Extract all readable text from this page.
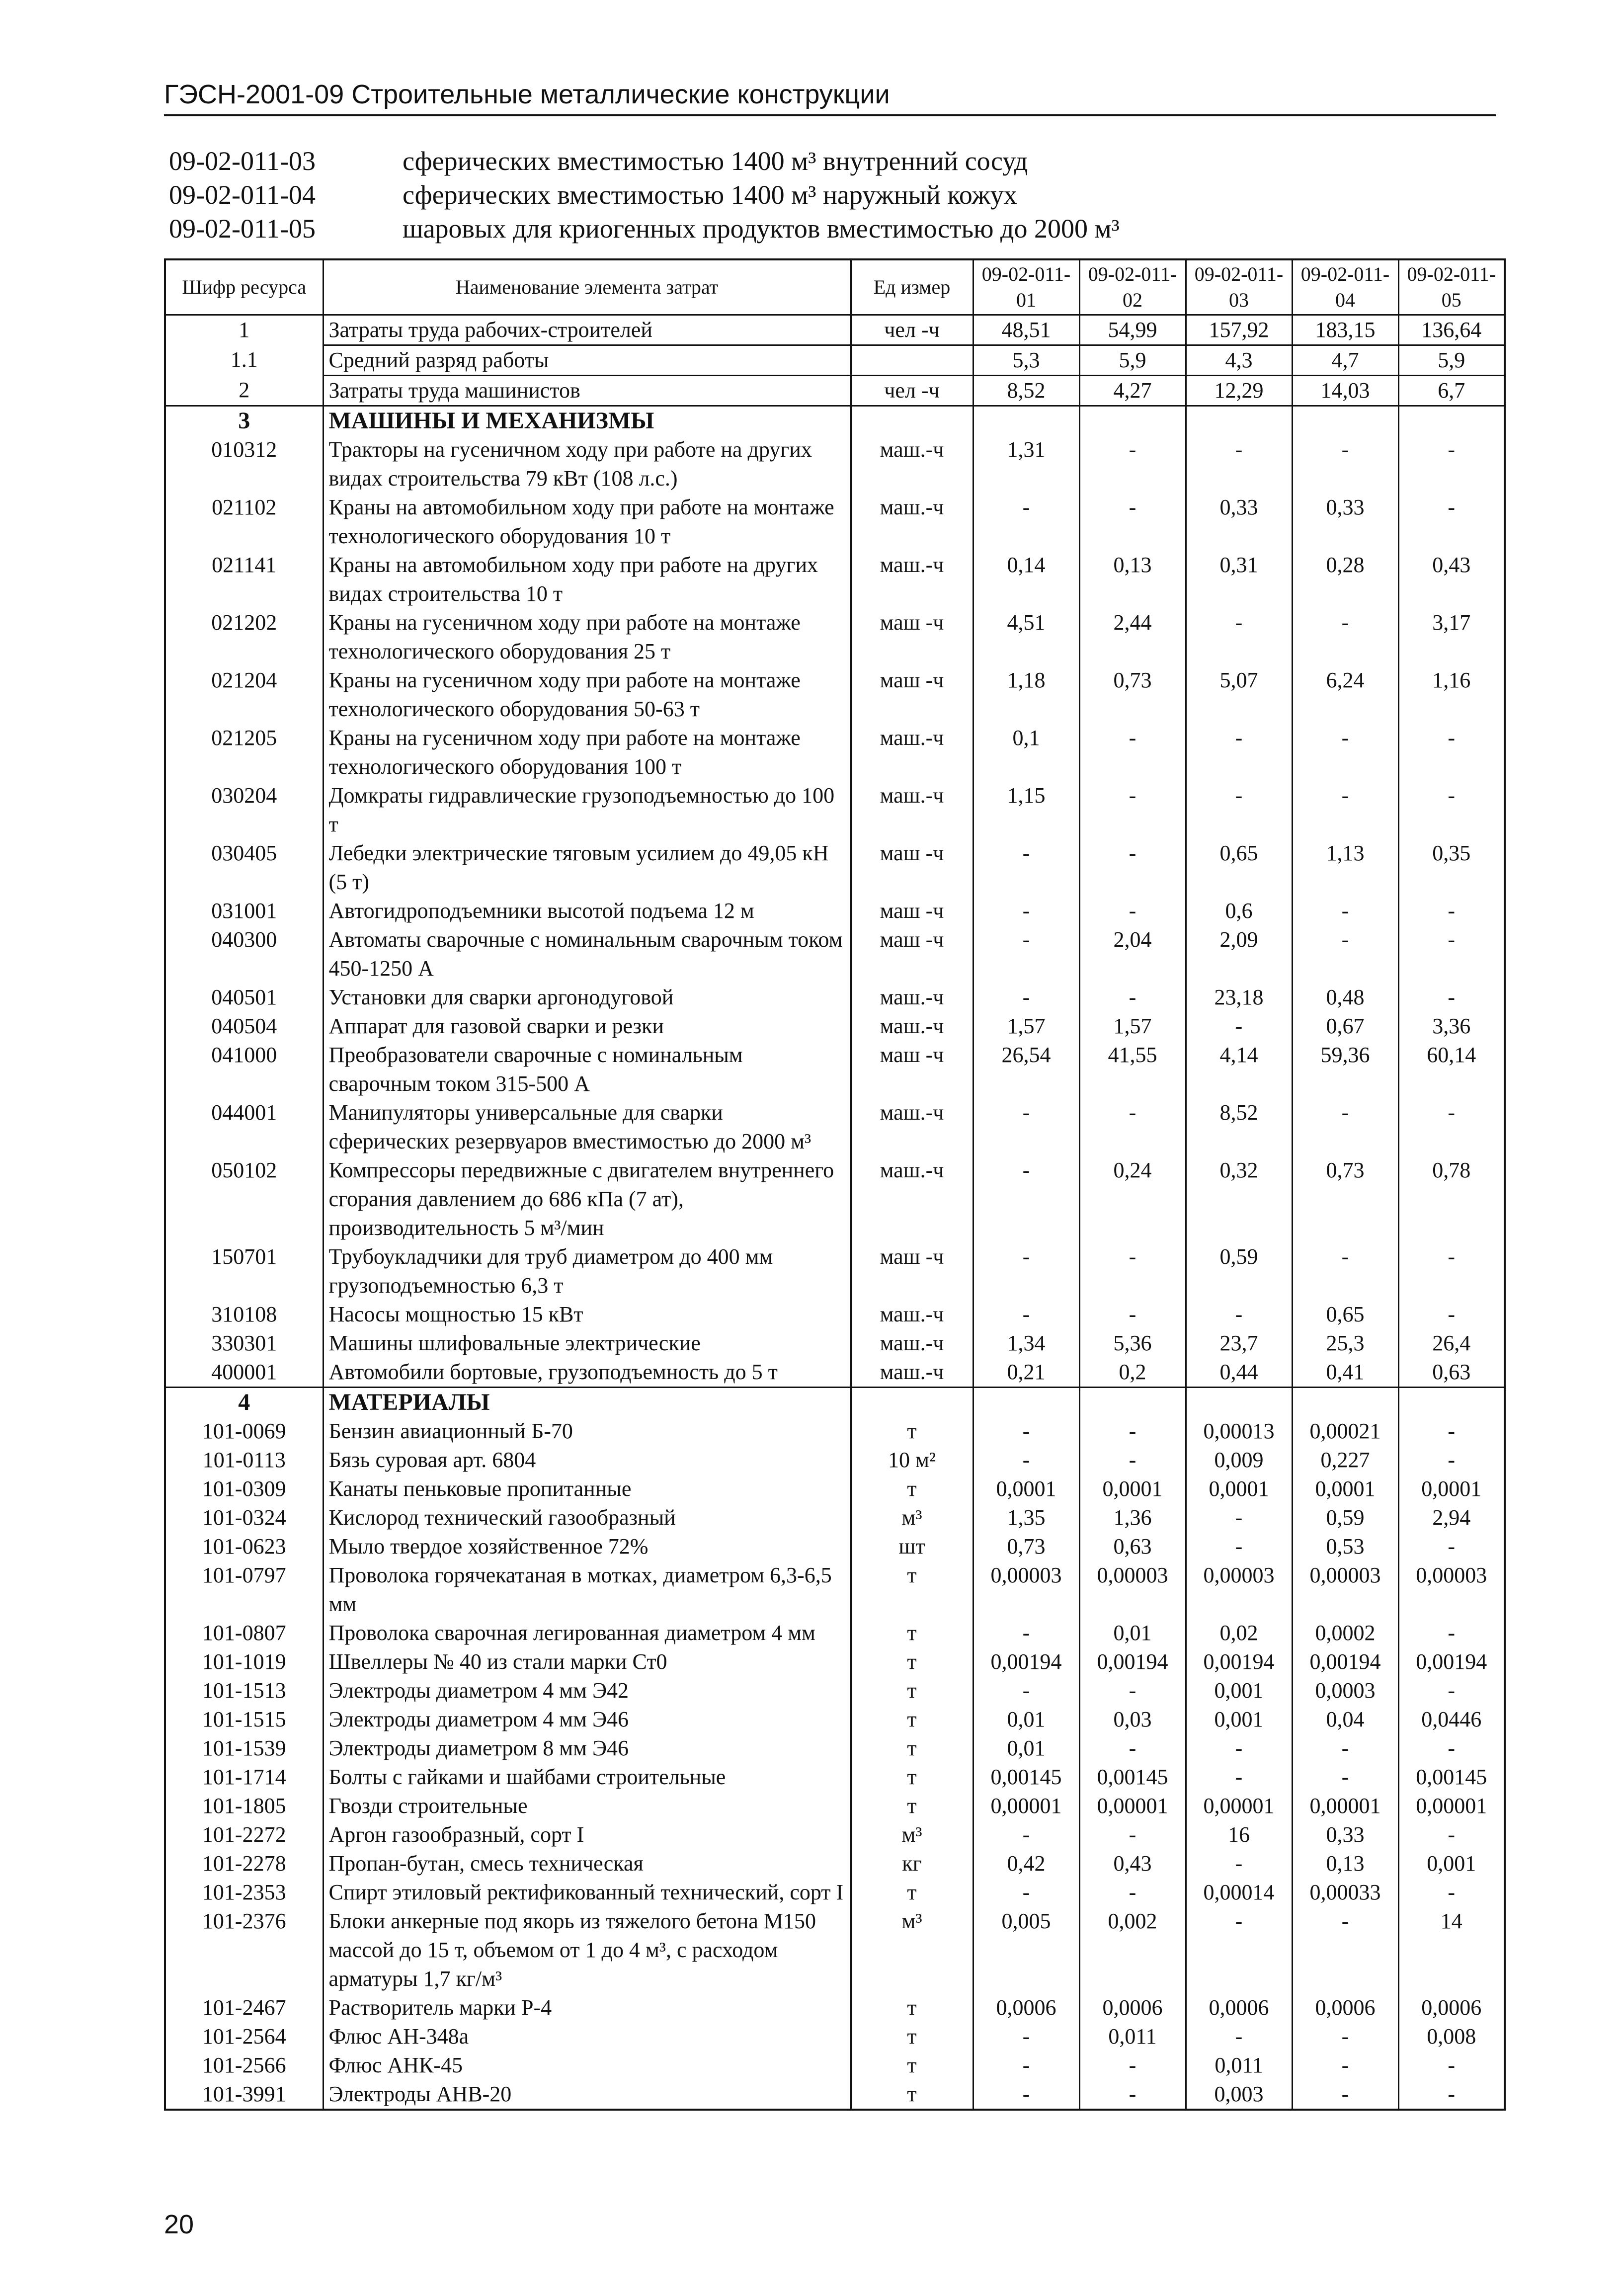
ГЭСН-2001-09 Строительные металлические конструкции
09-02-011-03	сферических вместимостью 1400 м³ внутренний сосуд
09-02-011-04	сферических вместимостью 1400 м³ наружный кожух
09-02-011-05	шаровых для криогенных продуктов вместимостью до 2000 м³
Шифр ресурса	Наименование элемента затрат	Ед измер	09-02-011-01	09-02-011-02	09-02-011-03	09-02-011-04	09-02-011-05
1	Затраты труда рабочих-строителей	чел -ч	48,51	54,99	157,92	183,15	136,64
1.1	Средний разряд работы		5,3	5,9	4,3	4,7	5,9
2	Затраты труда машинистов	чел -ч	8,52	4,27	12,29	14,03	6,7
3	МАШИНЫ И МЕХАНИЗМЫ						
010312	Тракторы на гусеничном ходу при работе на других видах строительства 79 кВт (108 л.с.)	маш.-ч	1,31	-	-	-	-
021102	Краны на автомобильном ходу при работе на монтаже технологического оборудования 10 т	маш.-ч	-	-	0,33	0,33	-
021141	Краны на автомобильном ходу при работе на других видах строительства 10 т	маш.-ч	0,14	0,13	0,31	0,28	0,43
021202	Краны на гусеничном ходу при работе на монтаже технологического оборудования 25 т	маш -ч	4,51	2,44	-	-	3,17
021204	Краны на гусеничном ходу при работе на монтаже технологического оборудования 50-63 т	маш -ч	1,18	0,73	5,07	6,24	1,16
021205	Краны на гусеничном ходу при работе на монтаже технологического оборудования 100 т	маш.-ч	0,1	-	-	-	-
030204	Домкраты гидравлические грузоподъемностью до 100 т	маш.-ч	1,15	-	-	-	-
030405	Лебедки электрические тяговым усилием до 49,05 кН (5 т)	маш -ч	-	-	0,65	1,13	0,35
031001	Автогидроподъемники высотой подъема 12 м	маш -ч	-	-	0,6	-	-
040300	Автоматы сварочные с номинальным сварочным током 450-1250 А	маш -ч	-	2,04	2,09	-	-
040501	Установки для сварки аргонодуговой	маш.-ч	-	-	23,18	0,48	-
040504	Аппарат для газовой сварки и резки	маш.-ч	1,57	1,57	-	0,67	3,36
041000	Преобразователи сварочные с номинальным сварочным током 315-500 А	маш -ч	26,54	41,55	4,14	59,36	60,14
044001	Манипуляторы универсальные для сварки сферических резервуаров вместимостью до 2000 м³	маш.-ч	-	-	8,52	-	-
050102	Компрессоры передвижные с двигателем внутреннего сгорания давлением до 686 кПа (7 ат), производительность 5 м³/мин	маш.-ч	-	0,24	0,32	0,73	0,78
150701	Трубоукладчики для труб диаметром до 400 мм грузоподъемностью 6,3 т	маш -ч	-	-	0,59	-	-
310108	Насосы мощностью 15 кВт	маш.-ч	-	-	-	0,65	-
330301	Машины шлифовальные электрические	маш.-ч	1,34	5,36	23,7	25,3	26,4
400001	Автомобили бортовые, грузоподъемность до 5 т	маш.-ч	0,21	0,2	0,44	0,41	0,63
4	МАТЕРИАЛЫ						
101-0069	Бензин авиационный Б-70	т	-	-	0,00013	0,00021	-
101-0113	Бязь суровая арт. 6804	10 м²	-	-	0,009	0,227	-
101-0309	Канаты пеньковые пропитанные	т	0,0001	0,0001	0,0001	0,0001	0,0001
101-0324	Кислород технический газообразный	м³	1,35	1,36	-	0,59	2,94
101-0623	Мыло твердое хозяйственное 72%	шт	0,73	0,63	-	0,53	-
101-0797	Проволока горячекатаная в мотках, диаметром 6,3-6,5 мм	т	0,00003	0,00003	0,00003	0,00003	0,00003
101-0807	Проволока сварочная легированная диаметром 4 мм	т	-	0,01	0,02	0,0002	-
101-1019	Швеллеры № 40 из стали марки Ст0	т	0,00194	0,00194	0,00194	0,00194	0,00194
101-1513	Электроды диаметром 4 мм Э42	т	-	-	0,001	0,0003	-
101-1515	Электроды диаметром 4 мм Э46	т	0,01	0,03	0,001	0,04	0,0446
101-1539	Электроды диаметром 8 мм Э46	т	0,01	-	-	-	-
101-1714	Болты с гайками и шайбами строительные	т	0,00145	0,00145	-	-	0,00145
101-1805	Гвозди строительные	т	0,00001	0,00001	0,00001	0,00001	0,00001
101-2272	Аргон газообразный, сорт I	м³	-	-	16	0,33	-
101-2278	Пропан-бутан, смесь техническая	кг	0,42	0,43	-	0,13	0,001
101-2353	Спирт этиловый ректификованный технический, сорт I	т	-	-	0,00014	0,00033	-
101-2376	Блоки анкерные под якорь из тяжелого бетона М150 массой до 15 т, объемом от 1 до 4 м³, с расходом арматуры 1,7 кг/м³	м³	0,005	0,002	-	-	14
101-2467	Растворитель марки Р-4	т	0,0006	0,0006	0,0006	0,0006	0,0006
101-2564	Флюс АН-348а	т	-	0,011	-	-	0,008
101-2566	Флюс АНК-45	т	-	-	0,011	-	-
101-3991	Электроды АНВ-20	т	-	-	0,003	-	-
20
